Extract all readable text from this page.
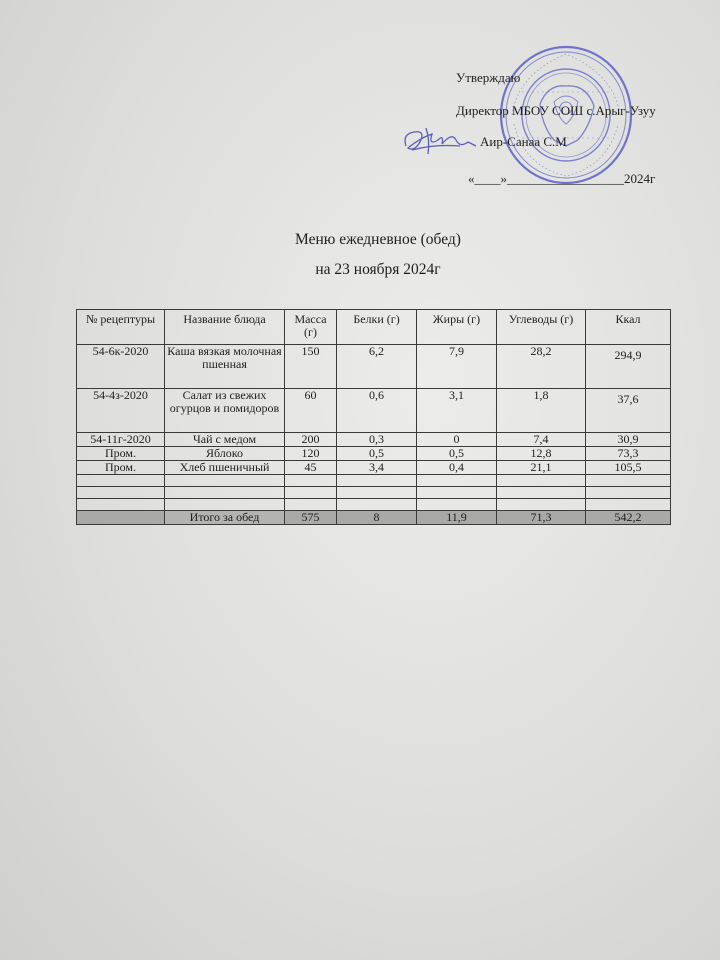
Утверждаю
Директор МБОУ СОШ с.Арыг-Узуу
Аир-Санаа С.М
«____»__________________2024г
Меню ежедневное (обед)
на 23 ноября 2024г
№ рецептуры	Название блюда	Масса (г)	Белки (г)	Жиры (г)	Углеводы (г)	Ккал
54-6к-2020	Каша вязкая молочная пшенная	150	6,2	7,9	28,2	294,9
54-4з-2020	Салат из свежих огурцов и помидоров	60	0,6	3,1	1,8	37,6
54-11г-2020	Чай с медом	200	0,3	0	7,4	30,9
Пром.	Яблоко	120	0,5	0,5	12,8	73,3
Пром.	Хлеб пшеничный	45	3,4	0,4	21,1	105,5

	Итого за обед	575	8	11,9	71,3	542,2
